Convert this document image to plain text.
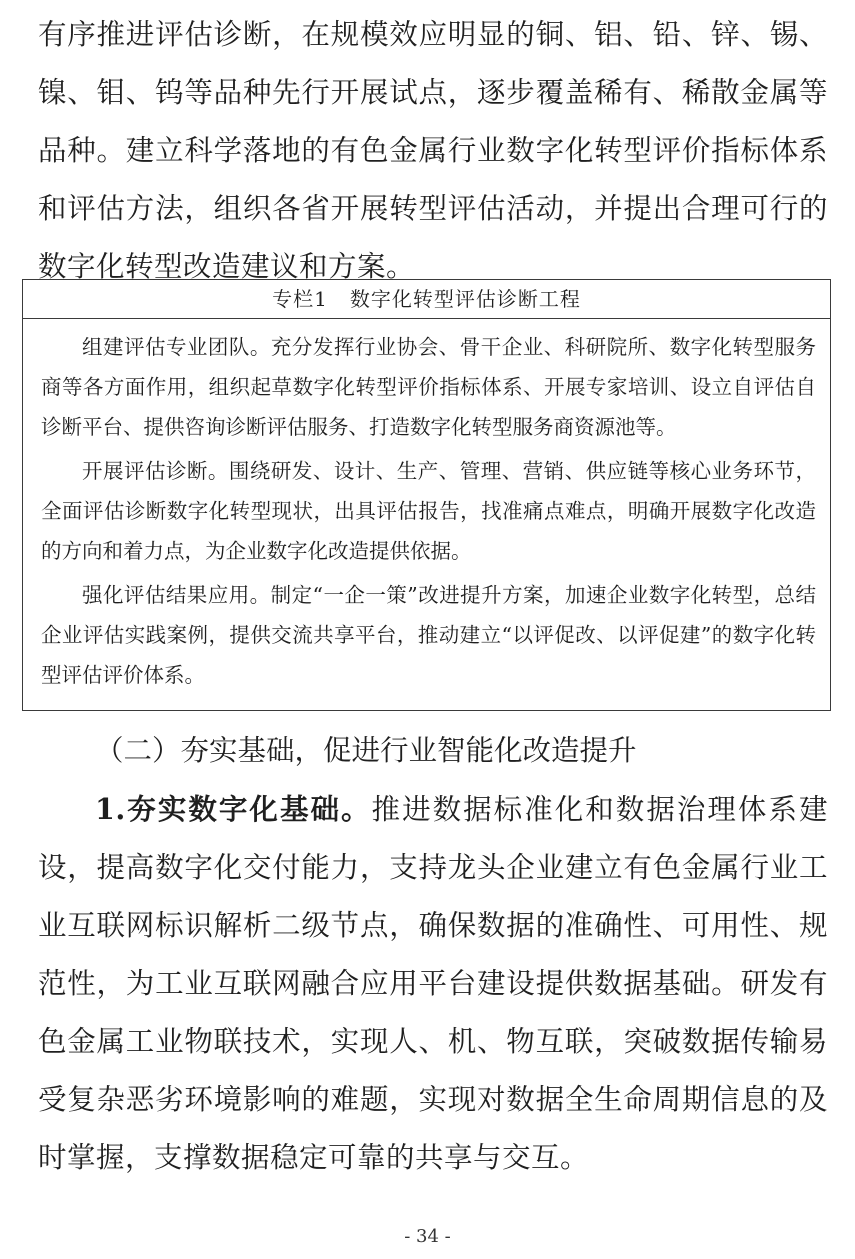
有序推进评估诊断，在规模效应明显的铜、铝、铅、锌、锡、镍、钼、钨等品种先行开展试点，逐步覆盖稀有、稀散金属等品种。建立科学落地的有色金属行业数字化转型评价指标体系和评估方法，组织各省开展转型评估活动，并提出合理可行的数字化转型改造建议和方案。
专栏1 数字化转型评估诊断工程

组建评估专业团队。充分发挥行业协会、骨干企业、科研院所、数字化转型服务商等各方面作用，组织起草数字化转型评价指标体系、开展专家培训、设立自评估自诊断平台、提供咨询诊断评估服务、打造数字化转型服务商资源池等。

开展评估诊断。围绕研发、设计、生产、管理、营销、供应链等核心业务环节，全面评估诊断数字化转型现状，出具评估报告，找准痛点难点，明确开展数字化改造的方向和着力点，为企业数字化改造提供依据。

强化评估结果应用。制定“一企一策”改进提升方案，加速企业数字化转型，总结企业评估实践案例，提供交流共享平台，推动建立“以评促改、以评促建”的数字化转型评估评价体系。

（二）夯实基础，促进行业智能化改造提升
1.夯实数字化基础。推进数据标准化和数据治理体系建设，提高数字化交付能力，支持龙头企业建立有色金属行业工业互联网标识解析二级节点，确保数据的准确性、可用性、规范性，为工业互联网融合应用平台建设提供数据基础。研发有色金属工业物联技术，实现人、机、物互联，突破数据传输易受复杂恶劣环境影响的难题，实现对数据全生命周期信息的及时掌握，支撑数据稳定可靠的共享与交互。
- 34 -
